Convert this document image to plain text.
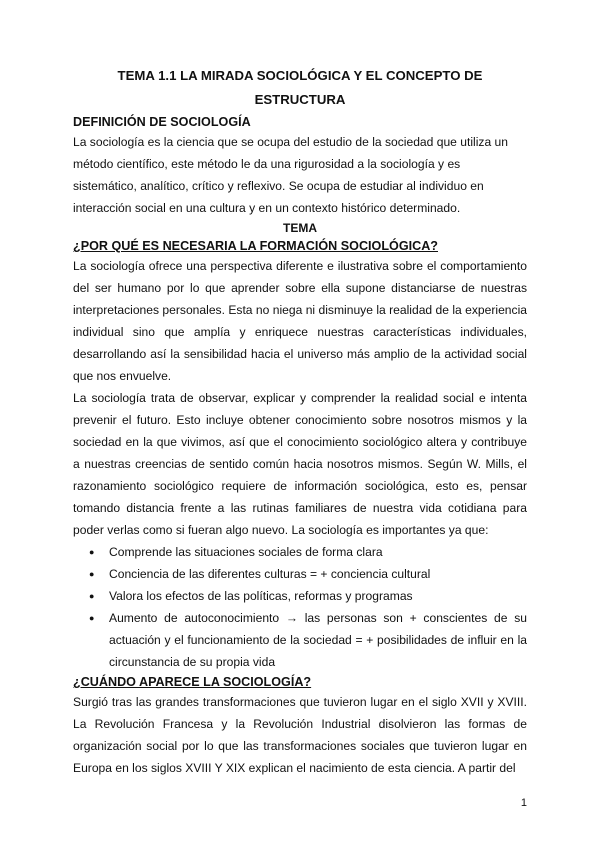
TEMA 1.1 LA MIRADA SOCIOLÓGICA Y EL CONCEPTO DE
ESTRUCTURA
DEFINICIÓN DE SOCIOLOGÍA

La sociología es la ciencia que se ocupa del estudio de la sociedad que utiliza un método científico, este método le da una rigurosidad a la sociología y es sistemático, analítico, crítico y reflexivo. Se ocupa de estudiar al individuo en interacción social en una cultura y en un contexto histórico determinado.

TEMA
¿POR QUÉ ES NECESARIA LA FORMACIÓN SOCIOLÓGICA?

La sociología ofrece una perspectiva diferente e ilustrativa sobre el comportamiento del ser humano por lo que aprender sobre ella supone distanciarse de nuestras interpretaciones personales. Esta no niega ni disminuye la realidad de la experiencia individual sino que amplía y enriquece nuestras características individuales, desarrollando así la sensibilidad hacia el universo más amplio de la actividad social que nos envuelve.

La sociología trata de observar, explicar y comprender la realidad social e intenta prevenir el futuro. Esto incluye obtener conocimiento sobre nosotros mismos y la sociedad en la que vivimos, así que el conocimiento sociológico altera y contribuye a nuestras creencias de sentido común hacia nosotros mismos. Según W. Mills, el razonamiento sociológico requiere de información sociológica, esto es, pensar tomando distancia frente a las rutinas familiares de nuestra vida cotidiana para poder verlas como si fueran algo nuevo. La sociología es importantes ya que:

● Comprende las situaciones sociales de forma clara
● Conciencia de las diferentes culturas = + conciencia cultural
● Valora los efectos de las políticas, reformas y programas
● Aumento de autoconocimiento → las personas son + conscientes de su actuación y el funcionamiento de la sociedad = + posibilidades de influir en la circunstancia de su propia vida
¿CUÁNDO APARECE LA SOCIOLOGÍA?

Surgió tras las grandes transformaciones que tuvieron lugar en el siglo XVII y XVIII. La Revolución Francesa y la Revolución Industrial disolvieron las formas de organización social por lo que las transformaciones sociales que tuvieron lugar en Europa en los siglos XVIII Y XIX explican el nacimiento de esta ciencia. A partir del

1
